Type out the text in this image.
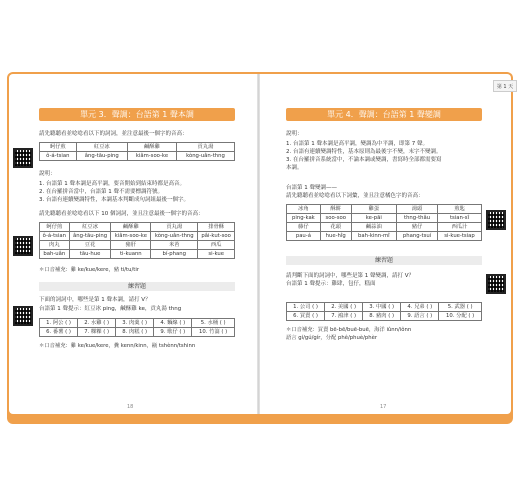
單元 3．聲調：台語第 1 聲本調
請先聽聽看並唸唸看以下的詞詞，並注意最後一個字的音高：
蚵仔煎	紅豆冰	鹹酥雞	貢丸湯
ô-á-tsian	âng-tāu-ping	kiâm-soo-ke	kòng-uân-thng
說明：
1. 台語第 1 聲本調是高平調，要音開始到結束時都是高音。
2. 在台羅拼音當中，台語第 1 聲不需要標調符號。
3. 台語有連續變調特性，本調基本判斷成句詞組最後一個字。
請先聽聽看並唸唸看以下 10 個詞詞，並且注意最後一個字的音高：
蚵仔煎	紅豆冰	鹹酥雞	貢丸湯	排骨酥
ô-á-tsian	âng-tāu-ping	kiâm-soo-ke	kòng-uân-thng	pâi-kut-soo
肉丸	豆花	豬肝	米苔	西瓜
bah-uân	tāu-hue	ti-kuann	bí-phang	si-kue
＊口音補充：雞 ke/kue/kere，豬 ti/tu/tir
練習題
下面的詞詞中，哪些是第 1 聲本調，請打 V？
台語第 1 聲提示：紅豆冰 ping，鹹酥雞 ke，貢丸湯 thng
1. 阿公 ( )	2. 水雞 ( )	3. 肉羹 ( )	4. 麵線 ( )	5. 水桶 ( )
6. 番薯 ( )	7. 粿粿 ( )	8. 肉糕 ( )	9. 歌仔 ( )	10. 竹篙 ( )
＊口音補充：雞 ke/kue/kere，糞 kenn/kinn，甌 tshènn/tshinn
18
第 1 天
單元 4．聲調：台語第 1 聲變調
說明：
1. 台語第 1 聲本調是高平調，變調為中平調，即第 7 聲。
2. 台語有連續變調特性，基本原則為最後字不變，末字不變調。
3. 在台羅拼音系統當中，不論本調或變調，書寫時全部都需要寫
本調。
台語第 1 聲變調——
請先聽聽看並唸唸看以下詞彙，並且注意橘色字的音高：
冰角	酥餅	雞蛋	湯頭	煎匙
ping-kak	soo-soo	ke-pāi	thng-thâu	tsian-sî
藤仔	花頭	鹹蒜油	豬仔	西瓜汁
pau-á	hue-hîg	bah-kinn-mî	phang-tsuí	si-kue-tsiap
練習題
請判斷下面的詞詞中，哪些是第 1 聲變調，請打 V？
台語第 1 聲提示：雞肆，包仔，糕面
1. 公司 ( )	2. 美國 ( )	3. 中國 ( )	4. 兄弟 ( )	5. 武器 ( )
6. 買賣 ( )	7. 鴻津 ( )	8. 豬肉 ( )	9. 語言 ( )	10. 分配 ( )
＊口音補充：買賣 bē-bē/buē-buē，海洋 iûnn/iônn
語言 gí/gú/gír，分配 phê/phuè/phèr
17
